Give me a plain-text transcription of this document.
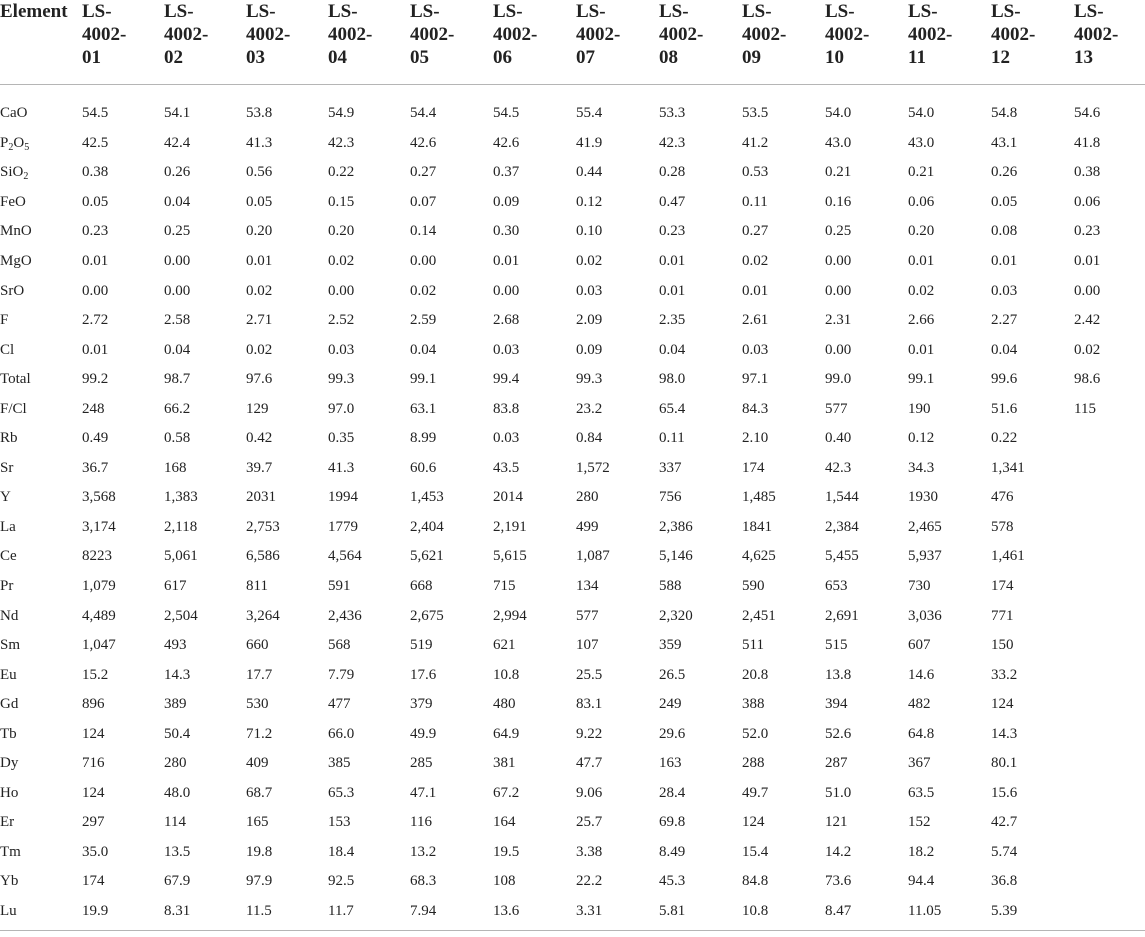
Element	LS-
4002-
01	LS-
4002-
02	LS-
4002-
03	LS-
4002-
04	LS-
4002-
05	LS-
4002-
06	LS-
4002-
07	LS-
4002-
08	LS-
4002-
09	LS-
4002-
10	LS-
4002-
11	LS-
4002-
12	LS-
4002-
13

CaO	54.5	54.1	53.8	54.9	54.4	54.5	55.4	53.3	53.5	54.0	54.0	54.8	54.6
$P_2O_5$	42.5	42.4	41.3	42.3	42.6	42.6	41.9	42.3	41.2	43.0	43.0	43.1	41.8
SiO$_2$	0.38	0.26	0.56	0.22	0.27	0.37	0.44	0.28	0.53	0.21	0.21	0.26	0.38
FeO	0.05	0.04	0.05	0.15	0.07	0.09	0.12	0.47	0.11	0.16	0.06	0.05	0.06
MnO	0.23	0.25	0.20	0.20	0.14	0.30	0.10	0.23	0.27	0.25	0.20	0.08	0.23
MgO	0.01	0.00	0.01	0.02	0.00	0.01	0.02	0.01	0.02	0.00	0.01	0.01	0.01
SrO	0.00	0.00	0.02	0.00	0.02	0.00	0.03	0.01	0.01	0.00	0.02	0.03	0.00
F	2.72	2.58	2.71	2.52	2.59	2.68	2.09	2.35	2.61	2.31	2.66	2.27	2.42
Cl	0.01	0.04	0.02	0.03	0.04	0.03	0.09	0.04	0.03	0.00	0.01	0.04	0.02
Total	99.2	98.7	97.6	99.3	99.1	99.4	99.3	98.0	97.1	99.0	99.1	99.6	98.6
F/Cl	248	66.2	129	97.0	63.1	83.8	23.2	65.4	84.3	577	190	51.6	115
Rb	0.49	0.58	0.42	0.35	8.99	0.03	0.84	0.11	2.10	0.40	0.12	0.22	
Sr	36.7	168	39.7	41.3	60.6	43.5	1,572	337	174	42.3	34.3	1,341	
Y	3,568	1,383	2031	1994	1,453	2014	280	756	1,485	1,544	1930	476	
La	3,174	2,118	2,753	1779	2,404	2,191	499	2,386	1841	2,384	2,465	578	
Ce	8223	5,061	6,586	4,564	5,621	5,615	1,087	5,146	4,625	5,455	5,937	1,461	
Pr	1,079	617	811	591	668	715	134	588	590	653	730	174	
Nd	4,489	2,504	3,264	2,436	2,675	2,994	577	2,320	2,451	2,691	3,036	771	
Sm	1,047	493	660	568	519	621	107	359	511	515	607	150	
Eu	15.2	14.3	17.7	7.79	17.6	10.8	25.5	26.5	20.8	13.8	14.6	33.2	
Gd	896	389	530	477	379	480	83.1	249	388	394	482	124	
Tb	124	50.4	71.2	66.0	49.9	64.9	9.22	29.6	52.0	52.6	64.8	14.3	
Dy	716	280	409	385	285	381	47.7	163	288	287	367	80.1	
Ho	124	48.0	68.7	65.3	47.1	67.2	9.06	28.4	49.7	51.0	63.5	15.6	
Er	297	114	165	153	116	164	25.7	69.8	124	121	152	42.7	
Tm	35.0	13.5	19.8	18.4	13.2	19.5	3.38	8.49	15.4	14.2	18.2	5.74	
Yb	174	67.9	97.9	92.5	68.3	108	22.2	45.3	84.8	73.6	94.4	36.8	
Lu	19.9	8.31	11.5	11.7	7.94	13.6	3.31	5.81	10.8	8.47	11.05	5.39	
